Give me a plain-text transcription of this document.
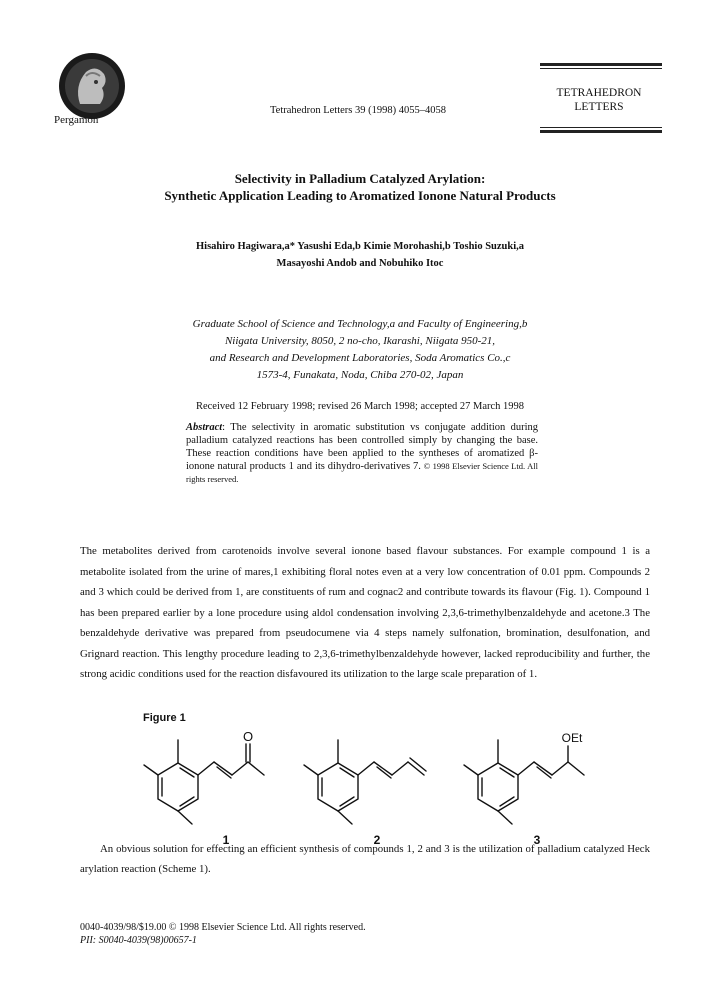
Pergamon
Tetrahedron Letters 39 (1998) 4055–4058
TETRAHEDRON
LETTERS
Selectivity in Palladium Catalyzed Arylation:
Synthetic Application Leading to Aromatized Ionone Natural Products
Hisahiro Hagiwara,a* Yasushi Eda,b Kimie Morohashi,b Toshio Suzuki,a
Masayoshi Andob and Nobuhiko Itoc
Graduate School of Science and Technology,a and Faculty of Engineering,b
Niigata University, 8050, 2 no-cho, Ikarashi, Niigata 950-21,
and Research and Development Laboratories, Soda Aromatics Co.,c
1573-4, Funakata, Noda, Chiba 270-02, Japan
Received 12 February 1998; revised 26 March 1998; accepted 27 March 1998
Abstract: The selectivity in aromatic substitution vs conjugate addition during palladium catalyzed reactions has been controlled simply by changing the base. These reaction conditions have been applied to the syntheses of aromatized β-ionone natural products 1 and its dihydro-derivatives 7. © 1998 Elsevier Science Ltd. All rights reserved.
The metabolites derived from carotenoids involve several ionone based flavour substances. For example compound 1 is a metabolite isolated from the urine of mares,1 exhibiting floral notes even at a very low concentration of 0.01 ppm. Compounds 2 and 3 which could be derived from 1, are constituents of rum and cognac2 and contribute towards its flavour (Fig. 1). Compound 1 has been prepared earlier by a lone procedure using aldol condensation involving 2,3,6-trimethylbenzaldehyde and acetone.3 The benzaldehyde derivative was prepared from pseudocumene via 4 steps namely sulfonation, bromination, desulfonation, and Grignard reaction. This lengthy procedure leading to 2,3,6-trimethylbenzaldehyde however, lacked reproducibility and further, the strong acidic conditions used for the reaction disfavoured its utilization to the large scale preparation of 1.
Figure 1
O	OEt
1	2	3
An obvious solution for effecting an efficient synthesis of compounds 1, 2 and 3 is the utilization of palladium catalyzed Heck arylation reaction (Scheme 1).
0040-4039/98/$19.00 © 1998 Elsevier Science Ltd. All rights reserved.
PII: S0040-4039(98)00657-1
